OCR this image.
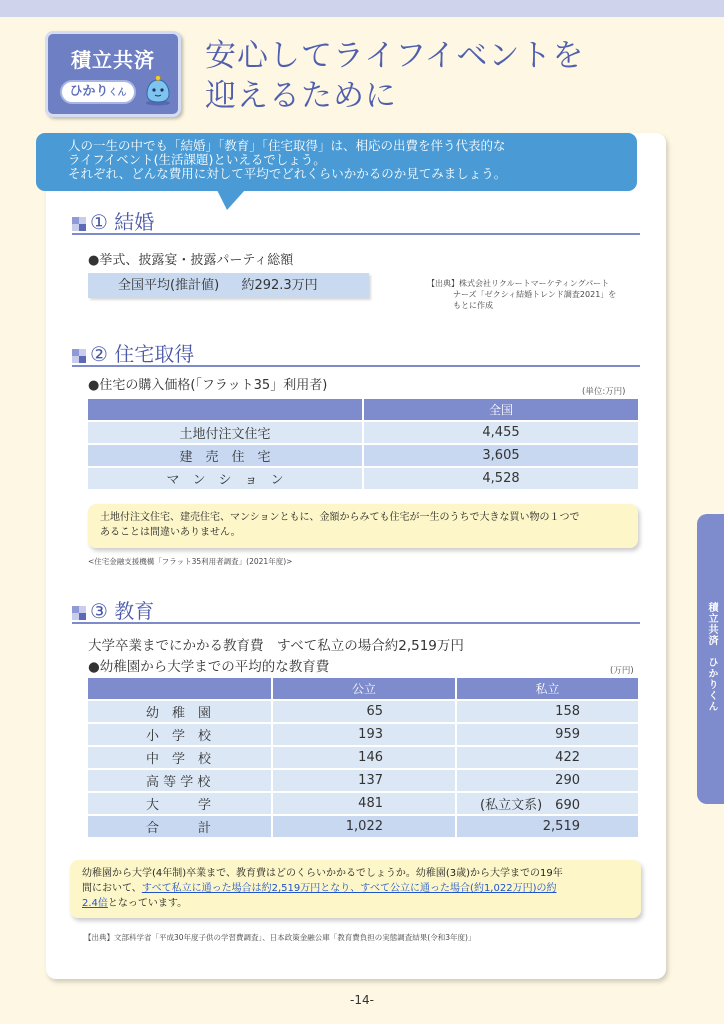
積立共済
ひかりくん
安心してライフイベントを
迎えるために
人の一生の中でも「結婚」「教育」「住宅取得」は、相応の出費を伴う代表的な
ライフイベント(生活課題)といえるでしょう。
それぞれ、どんな費用に対して平均でどれくらいかかるのか見てみましょう。
① 結婚
●挙式、披露宴・披露パーティ総額
全国平均(推計値) 約292.3万円	【出典】株式会社リクルートマーケティングパート
ナーズ「ゼクシィ結婚トレンド調査2021」を
もとに作成
② 住宅取得
●住宅の購入価格(「フラット35」利用者)	(単位:万円)
	全国
土地付注文住宅	4,455
建　売　住　宅	3,605
マ　ン　シ　ョ　ン	4,528
土地付注文住宅、建売住宅、マンションともに、金額からみても住宅が一生のうちで大きな買い物の１つで
あることは間違いありません。
<住宅金融支援機構「フラット35利用者調査」(2021年度)>
③ 教育
大学卒業までにかかる教育費　すべて私立の場合約2,519万円
●幼稚園から大学までの平均的な教育費	(万円)
	公立	私立
幼　稚　園	65	158
小　学　校	193	959
中　学　校	146	422
高 等 学 校	137	290
大　　　学	481	(私立文系)　690
合　　　計	1,022	2,519
幼稚園から大学(4年制)卒業まで、教育費はどのくらいかかるでしょうか。幼稚園(3歳)から大学までの19年
間において、すべて私立に通った場合は約2,519万円となり、すべて公立に通った場合(約1,022万円)の約
2.4倍となっています。
【出典】文部科学省「平成30年度子供の学習費調査」、日本政策金融公庫「教育費負担の実態調査結果(令和3年度)」
積立共済　ひかりくん
-14-
